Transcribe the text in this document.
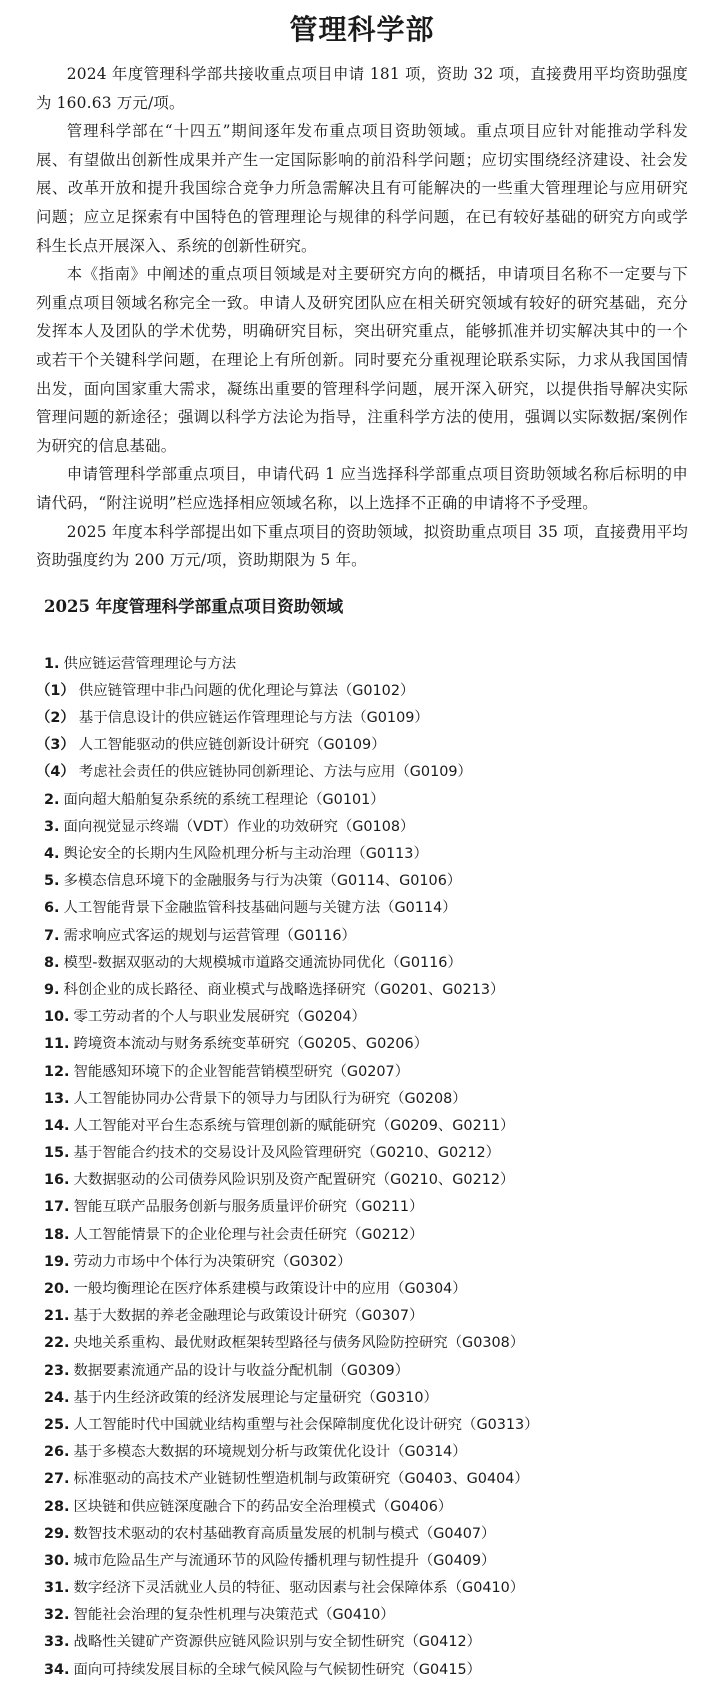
管理科学部

2024 年度管理科学部共接收重点项目申请 181 项，资助 32 项，直接费用平均资助强度为 160.63 万元/项。

管理科学部在“十四五”期间逐年发布重点项目资助领域。重点项目应针对能推动学科发展、有望做出创新性成果并产生一定国际影响的前沿科学问题；应切实围绕经济建设、社会发展、改革开放和提升我国综合竞争力所急需解决且有可能解决的一些重大管理理论与应用研究问题；应立足探索有中国特色的管理理论与规律的科学问题，在已有较好基础的研究方向或学科生长点开展深入、系统的创新性研究。

本《指南》中阐述的重点项目领域是对主要研究方向的概括，申请项目名称不一定要与下列重点项目领域名称完全一致。申请人及研究团队应在相关研究领域有较好的研究基础，充分发挥本人及团队的学术优势，明确研究目标，突出研究重点，能够抓准并切实解决其中的一个或若干个关键科学问题，在理论上有所创新。同时要充分重视理论联系实际，力求从我国国情出发，面向国家重大需求，凝练出重要的管理科学问题，展开深入研究，以提供指导解决实际管理问题的新途径；强调以科学方法论为指导，注重科学方法的使用，强调以实际数据/案例作为研究的信息基础。

申请管理科学部重点项目，申请代码 1 应当选择科学部重点项目资助领域名称后标明的申请代码，“附注说明”栏应选择相应领域名称，以上选择不正确的申请将不予受理。

2025 年度本科学部提出如下重点项目的资助领域，拟资助重点项目 35 项，直接费用平均资助强度约为 200 万元/项，资助期限为 5 年。

2025 年度管理科学部重点项目资助领域
1. 供应链运营管理理论与方法
（1） 供应链管理中非凸问题的优化理论与算法（G0102）
（2） 基于信息设计的供应链运作管理理论与方法（G0109）
（3） 人工智能驱动的供应链创新设计研究（G0109）
（4） 考虑社会责任的供应链协同创新理论、方法与应用（G0109）
2. 面向超大船舶复杂系统的系统工程理论（G0101）
3. 面向视觉显示终端（VDT）作业的功效研究（G0108）
4. 舆论安全的长期内生风险机理分析与主动治理（G0113）
5. 多模态信息环境下的金融服务与行为决策（G0114、G0106）
6. 人工智能背景下金融监管科技基础问题与关键方法（G0114）
7. 需求响应式客运的规划与运营管理（G0116）
8. 模型-数据双驱动的大规模城市道路交通流协同优化（G0116）
9. 科创企业的成长路径、商业模式与战略选择研究（G0201、G0213）
10. 零工劳动者的个人与职业发展研究（G0204）
11. 跨境资本流动与财务系统变革研究（G0205、G0206）
12. 智能感知环境下的企业智能营销模型研究（G0207）
13. 人工智能协同办公背景下的领导力与团队行为研究（G0208）
14. 人工智能对平台生态系统与管理创新的赋能研究（G0209、G0211）
15. 基于智能合约技术的交易设计及风险管理研究（G0210、G0212）
16. 大数据驱动的公司债券风险识别及资产配置研究（G0210、G0212）
17. 智能互联产品服务创新与服务质量评价研究（G0211）
18. 人工智能情景下的企业伦理与社会责任研究（G0212）
19. 劳动力市场中个体行为决策研究（G0302）
20. 一般均衡理论在医疗体系建模与政策设计中的应用（G0304）
21. 基于大数据的养老金融理论与政策设计研究（G0307）
22. 央地关系重构、最优财政框架转型路径与债务风险防控研究（G0308）
23. 数据要素流通产品的设计与收益分配机制（G0309）
24. 基于内生经济政策的经济发展理论与定量研究（G0310）
25. 人工智能时代中国就业结构重塑与社会保障制度优化设计研究（G0313）
26. 基于多模态大数据的环境规划分析与政策优化设计（G0314）
27. 标准驱动的高技术产业链韧性塑造机制与政策研究（G0403、G0404）
28. 区块链和供应链深度融合下的药品安全治理模式（G0406）
29. 数智技术驱动的农村基础教育高质量发展的机制与模式（G0407）
30. 城市危险品生产与流通环节的风险传播机理与韧性提升（G0409）
31. 数字经济下灵活就业人员的特征、驱动因素与社会保障体系（G0410）
32. 智能社会治理的复杂性机理与决策范式（G0410）
33. 战略性关键矿产资源供应链风险识别与安全韧性研究（G0412）
34. 面向可持续发展目标的全球气候风险与气候韧性研究（G0415）
